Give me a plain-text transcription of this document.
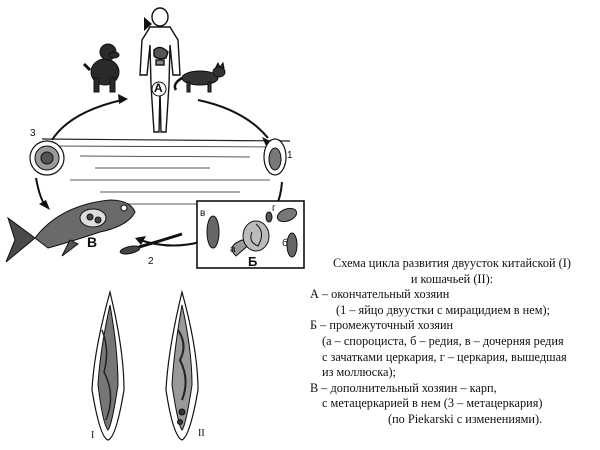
А
Б
В
1
2
3
в	г
б
а
I	II
Схема цикла развития двуусток китайской (I)
и кошачьей (II):
А – окончательный хозяин
(1 – яйцо двуустки с мирацидием в нем);
Б – промежуточный хозяин
(а – спороциста, б – редия, в – дочерняя редия
с зачатками церкария, г – церкария, вышедшая
из моллюска);
В – дополнительный хозяин – карп,
с метацеркарией в нем (3 – метацеркария)
(по Piekarski с изменениями).
